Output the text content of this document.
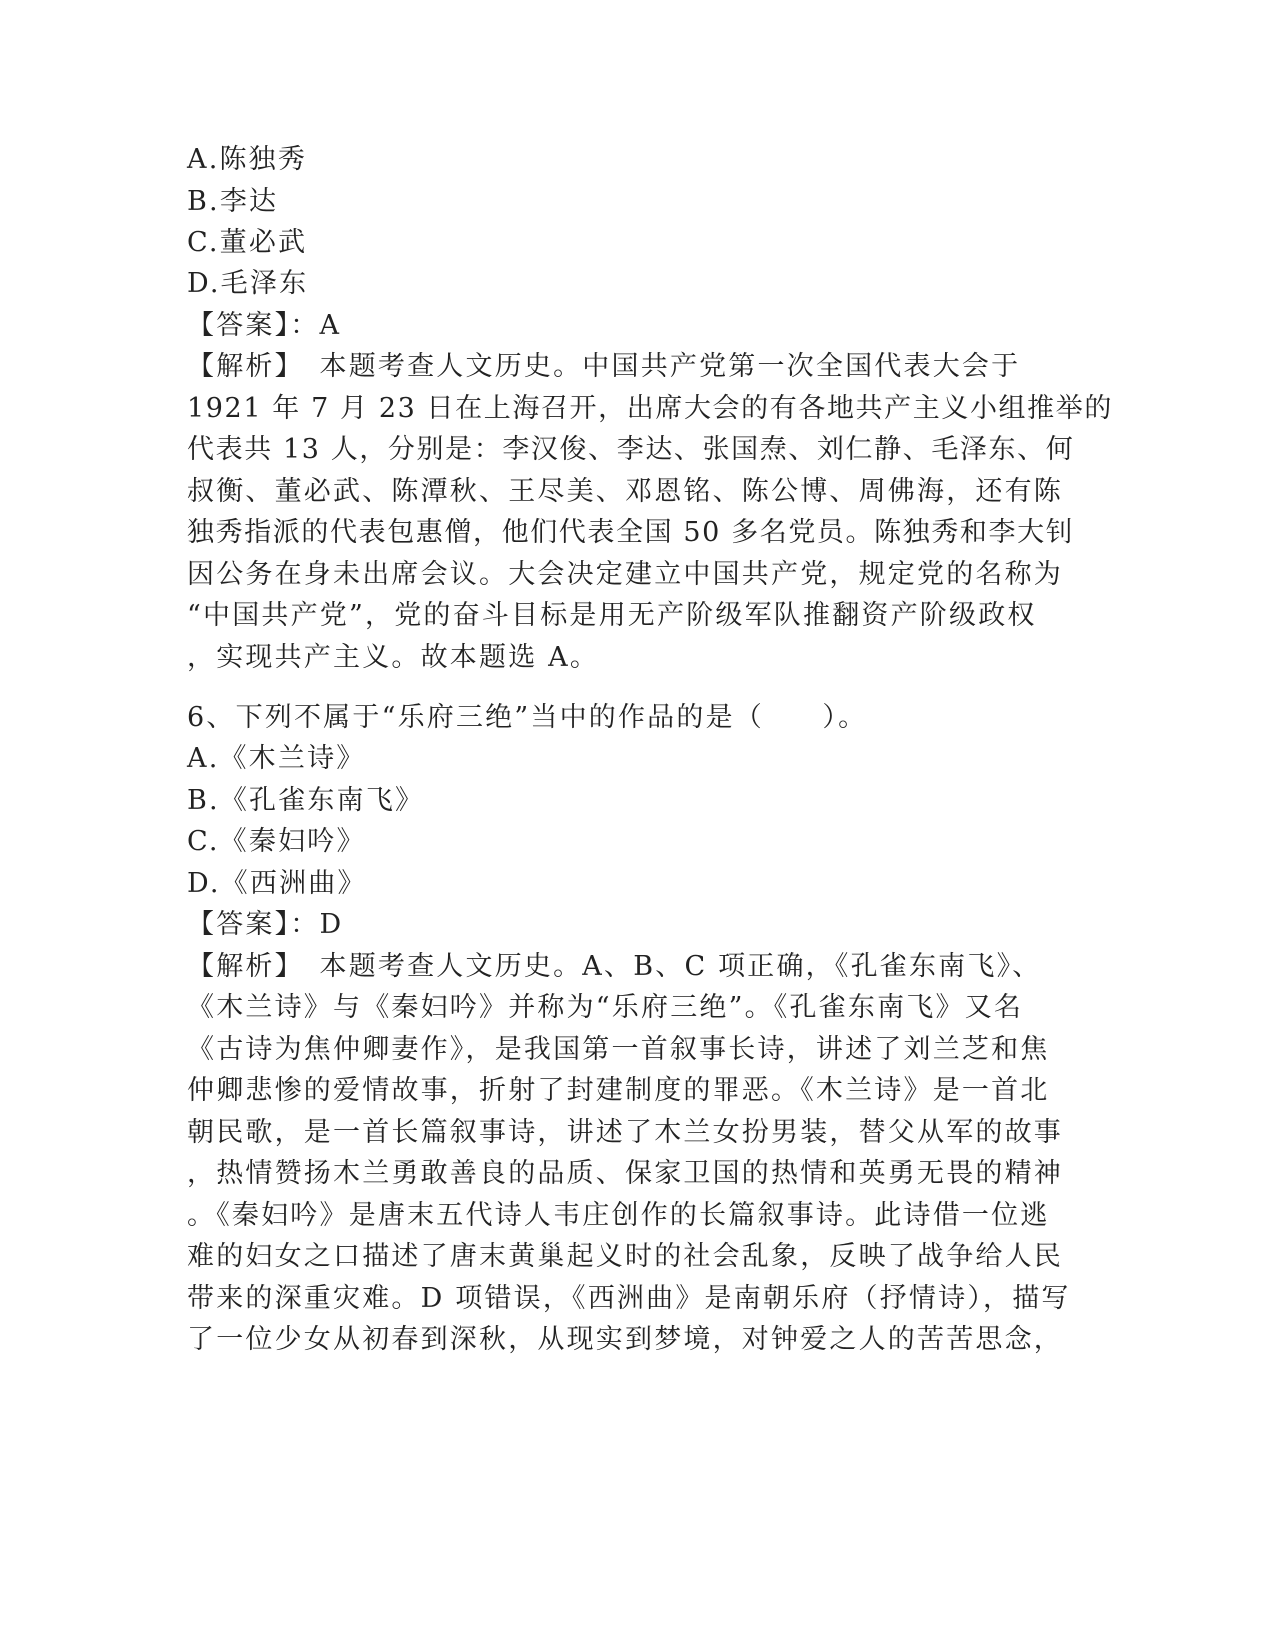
A.陈独秀
B.李达
C.董必武
D.毛泽东
【答案】：A
【解析】　本题考查人文历史。中国共产党第一次全国代表大会于
1921 年 7 月 23 日在上海召开，出席大会的有各地共产主义小组推举的
代表共 13 人，分别是：李汉俊、李达、张国焘、刘仁静、毛泽东、何
叔衡、董必武、陈潭秋、王尽美、邓恩铭、陈公博、周佛海，还有陈
独秀指派的代表包惠僧，他们代表全国 50 多名党员。陈独秀和李大钊
因公务在身未出席会议。大会决定建立中国共产党，规定党的名称为
“中国共产党”，党的奋斗目标是用无产阶级军队推翻资产阶级政权
，实现共产主义。故本题选 A。
6、下列不属于“乐府三绝”当中的作品的是（　　）。
A.《木兰诗》
B.《孔雀东南飞》
C.《秦妇吟》
D.《西洲曲》
【答案】：D
【解析】　本题考查人文历史。A、B、C 项正确，《孔雀东南飞》、
《木兰诗》与《秦妇吟》并称为“乐府三绝”。《孔雀东南飞》又名
《古诗为焦仲卿妻作》，是我国第一首叙事长诗，讲述了刘兰芝和焦
仲卿悲惨的爱情故事，折射了封建制度的罪恶。《木兰诗》是一首北
朝民歌，是一首长篇叙事诗，讲述了木兰女扮男装，替父从军的故事
，热情赞扬木兰勇敢善良的品质、保家卫国的热情和英勇无畏的精神
。《秦妇吟》是唐末五代诗人韦庄创作的长篇叙事诗。此诗借一位逃
难的妇女之口描述了唐末黄巢起义时的社会乱象，反映了战争给人民
带来的深重灾难。D 项错误，《西洲曲》是南朝乐府（抒情诗），描写
了一位少女从初春到深秋，从现实到梦境，对钟爱之人的苦苦思念，
